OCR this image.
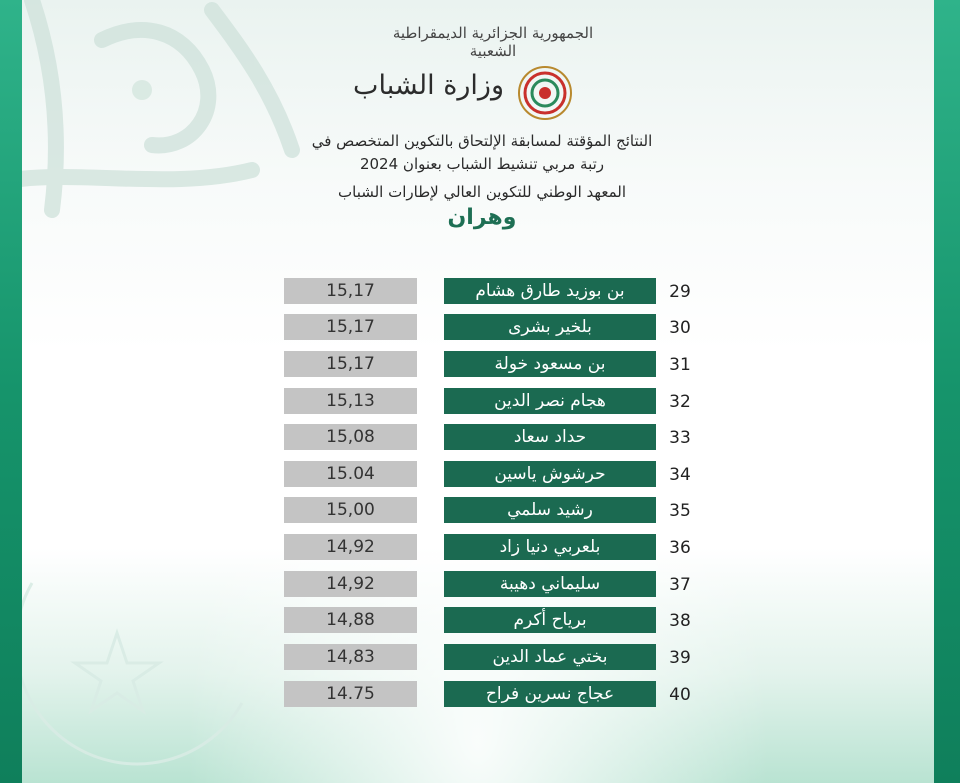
الجمهورية الجزائرية الديمقراطية الشعبية
وزارة الشباب
النتائج المؤقتة لمسابقة الإلتحاق بالتكوين المتخصص في
رتبة مربي تنشيط الشباب بعنوان 2024
المعهد الوطني للتكوين العالي لإطارات الشباب
وهران
15,17	بن بوزيد طارق هشام	29
15,17	بلخير بشرى	30
15,17	بن مسعود خولة	31
15,13	هجام نصر الدين	32
15,08	حداد سعاد	33
15.04	حرشوش ياسين	34
15,00	رشيد سلمي	35
14,92	بلعربي دنيا زاد	36
14,92	سليماني دهيبة	37
14,88	برياح أكرم	38
14,83	بختي عماد الدين	39
14.75	عجاج نسرين فراح	40
